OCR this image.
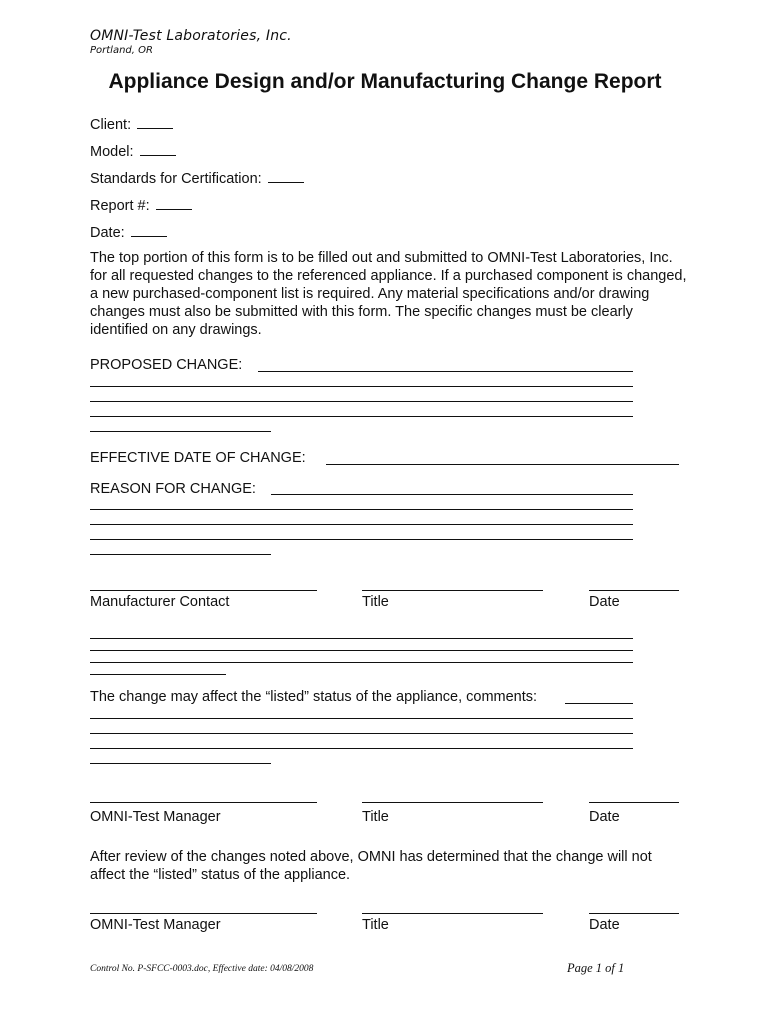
OMNI-Test Laboratories, Inc.
Portland, OR
Appliance Design and/or Manufacturing Change Report
Client:
Model:
Standards for Certification:
Report #:
Date:
The top portion of this form is to be filled out and submitted to OMNI-Test Laboratories, Inc. for all requested changes to the referenced appliance. If a purchased component is changed, a new purchased-component list is required. Any material specifications and/or drawing changes must also be submitted with this form. The specific changes must be clearly identified on any drawings.
PROPOSED CHANGE:
EFFECTIVE DATE OF CHANGE:
REASON FOR CHANGE:
Manufacturer Contact	Title	Date
The change may affect the “listed” status of the appliance, comments:
OMNI-Test Manager	Title	Date
After review of the changes noted above, OMNI has determined that the change will not affect the “listed” status of the appliance.
OMNI-Test Manager	Title	Date
Control No. P-SFCC-0003.doc, Effective date: 04/08/2008	Page 1 of 1
